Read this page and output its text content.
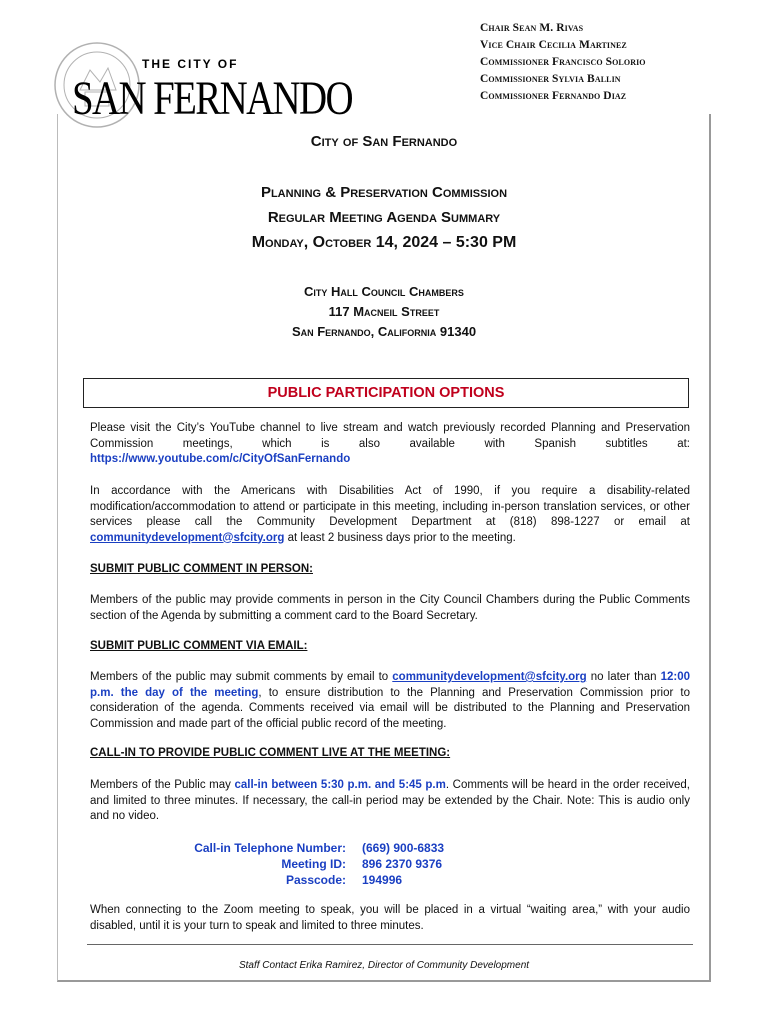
THE CITY OF
SAN FERNANDO
Chair Sean M. Rivas
Vice Chair Cecilia Martinez
Commissioner Francisco Solorio
Commissioner Sylvia Ballin
Commissioner Fernando Diaz
City of San Fernando
Planning & Preservation Commission
Regular Meeting Agenda Summary
Monday, October 14, 2024 – 5:30 PM
City Hall Council Chambers
117 Macneil Street
San Fernando, California 91340
PUBLIC PARTICIPATION OPTIONS
Please visit the City’s YouTube channel to live stream and watch previously recorded Planning and Preservation Commission meetings, which is also available with Spanish subtitles at: https://www.youtube.com/c/CityOfSanFernando
In accordance with the Americans with Disabilities Act of 1990, if you require a disability-related modification/accommodation to attend or participate in this meeting, including in-person translation services, or other services please call the Community Development Department at (818) 898-1227 or email at communitydevelopment@sfcity.org at least 2 business days prior to the meeting.
SUBMIT PUBLIC COMMENT IN PERSON:
Members of the public may provide comments in person in the City Council Chambers during the Public Comments section of the Agenda by submitting a comment card to the Board Secretary.
SUBMIT PUBLIC COMMENT VIA EMAIL:
Members of the public may submit comments by email to communitydevelopment@sfcity.org no later than 12:00 p.m. the day of the meeting, to ensure distribution to the Planning and Preservation Commission prior to consideration of the agenda. Comments received via email will be distributed to the Planning and Preservation Commission and made part of the official public record of the meeting.
CALL-IN TO PROVIDE PUBLIC COMMENT LIVE AT THE MEETING:
Members of the Public may call-in between 5:30 p.m. and 5:45 p.m. Comments will be heard in the order received, and limited to three minutes. If necessary, the call-in period may be extended by the Chair. Note: This is audio only and no video.
Call-in Telephone Number:
Meeting ID:
Passcode:
(669) 900-6833
896 2370 9376
194996
When connecting to the Zoom meeting to speak, you will be placed in a virtual “waiting area,” with your audio disabled, until it is your turn to speak and limited to three minutes.
Staff Contact Erika Ramirez, Director of Community Development
